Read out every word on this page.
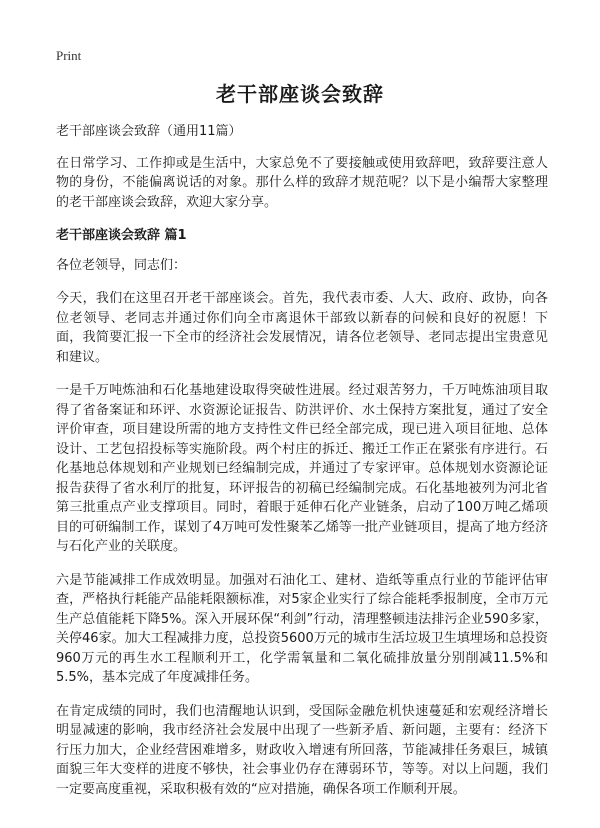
Print
老干部座谈会致辞

老干部座谈会致辞（通用11篇）

在日常学习、工作抑或是生活中，大家总免不了要接触或使用致辞吧，致辞要注意人物的身份，不能偏离说话的对象。那什么样的致辞才规范呢？以下是小编帮大家整理的老干部座谈会致辞，欢迎大家分享。

老干部座谈会致辞 篇1

各位老领导，同志们：

今天，我们在这里召开老干部座谈会。首先，我代表市委、人大、政府、政协，向各位老领导、老同志并通过你们向全市离退休干部致以新春的问候和良好的祝愿！下面，我简要汇报一下全市的经济社会发展情况，请各位老领导、老同志提出宝贵意见和建议。

一是千万吨炼油和石化基地建设取得突破性进展。经过艰苦努力，千万吨炼油项目取得了省备案证和环评、水资源论证报告、防洪评价、水土保持方案批复，通过了安全评价审查，项目建设所需的地方支持性文件已经全部完成，现已进入项目征地、总体设计、工艺包招投标等实施阶段。两个村庄的拆迁、搬迁工作正在紧张有序进行。石化基地总体规划和产业规划已经编制完成，并通过了专家评审。总体规划水资源论证报告获得了省水利厅的批复，环评报告的初稿已经编制完成。石化基地被列为河北省第三批重点产业支撑项目。同时，着眼于延伸石化产业链条，启动了100万吨乙烯项目的可研编制工作，谋划了4万吨可发性聚苯乙烯等一批产业链项目，提高了地方经济与石化产业的关联度。

六是节能减排工作成效明显。加强对石油化工、建材、造纸等重点行业的节能评估审查，严格执行耗能产品能耗限额标准，对5家企业实行了综合能耗季报制度，全市万元生产总值能耗下降5%。深入开展环保“利剑”行动，清理整顿违法排污企业590多家，关停46家。加大工程减排力度，总投资5600万元的城市生活垃圾卫生填埋场和总投资960万元的再生水工程顺利开工，化学需氧量和二氧化硫排放量分别削减11.5%和5.5%，基本完成了年度减排任务。

在肯定成绩的同时，我们也清醒地认识到，受国际金融危机快速蔓延和宏观经济增长明显减速的影响，我市经济社会发展中出现了一些新矛盾、新问题，主要有：经济下行压力加大，企业经营困难增多，财政收入增速有所回落，节能减排任务艰巨，城镇面貌三年大变样的进度不够快，社会事业仍存在薄弱环节，等等。对以上问题，我们一定要高度重视，采取积极有效的“应对措施，确保各项工作顺利开展。
